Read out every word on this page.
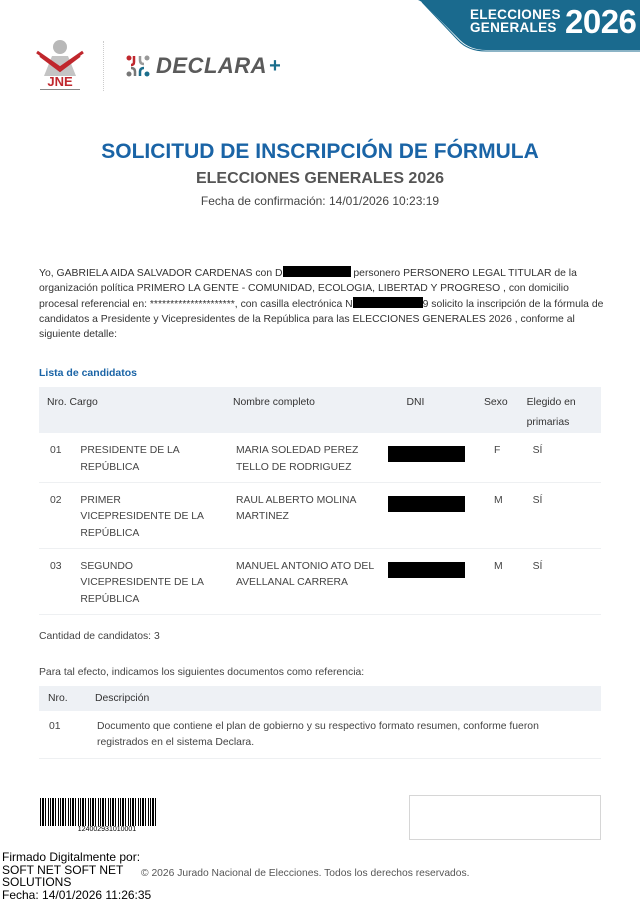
ELECCIONES
GENERALES 2026
JNE
DECLARA +
SOLICITUD DE INSCRIPCIÓN DE FÓRMULA
ELECCIONES GENERALES 2026
Fecha de confirmación: 14/01/2026 10:23:19
Yo, GABRIELA AIDA SALVADOR CARDENAS con D	personero PERSONERO LEGAL TITULAR de la organización política PRIMERO LA GENTE - COMUNIDAD, ECOLOGIA, LIBERTAD Y PROGRESO , con domicilio procesal referencial en: *********************, con casilla electrónica N	9 solicito la inscripción de la fórmula de candidatos a Presidente y Vicepresidentes de la República para las ELECCIONES GENERALES 2026 , conforme al siguiente detalle:
Lista de candidatos
Nro. Cargo		Nombre completo	DNI	Sexo	Elegido en primarias
01	PRESIDENTE DE LA REPÚBLICA	MARIA SOLEDAD PEREZ TELLO DE RODRIGUEZ		F	SÍ
02	PRIMER VICEPRESIDENTE DE LA REPÚBLICA	RAUL ALBERTO MOLINA MARTINEZ		M	SÍ
03	SEGUNDO VICEPRESIDENTE DE LA REPÚBLICA	MANUEL ANTONIO ATO DEL AVELLANAL CARRERA		M	SÍ
Cantidad de candidatos: 3
Para tal efecto, indicamos los siguientes documentos como referencia:
Nro.	Descripción
01	Documento que contiene el plan de gobierno y su respectivo formato resumen, conforme fueron registrados en el sistema Declara.
124002931010001
Firmado Digitalmente por:
SOFT NET SOFT NET
SOLUTIONS
Fecha: 14/01/2026 11:26:35
© 2026 Jurado Nacional de Elecciones. Todos los derechos reservados.
